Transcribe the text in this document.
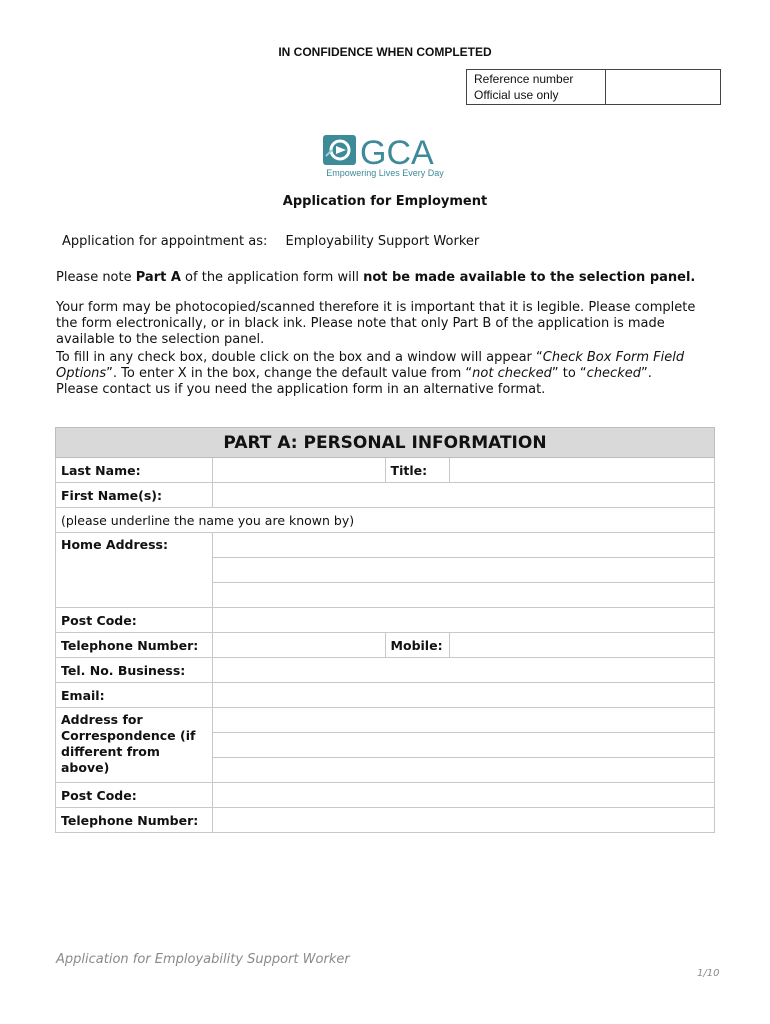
IN CONFIDENCE WHEN COMPLETED
Reference number
Official use only	
GCA
Empowering Lives Every Day
Application for Employment
Application for appointment as: Employability Support Worker
Please note Part A of the application form will not be made available to the selection panel.
Your form may be photocopied/scanned therefore it is important that it is legible. Please complete the form electronically, or in black ink. Please note that only Part B of the application is made available to the selection panel.
To fill in any check box, double click on the box and a window will appear “Check Box Form Field Options”. To enter X in the box, change the default value from “not checked” to “checked”.
Please contact us if you need the application form in an alternative format.
PART A: PERSONAL INFORMATION			
Last Name:		Title:	
First Name(s):			
(please underline the name you are known by)			
Home Address:			

Post Code:			
Telephone Number:		Mobile:	
Tel. No. Business:			
Email:			
Address for Correspondence (if different from above)			

Post Code:			
Telephone Number:			
Application for Employability Support Worker
1/10
